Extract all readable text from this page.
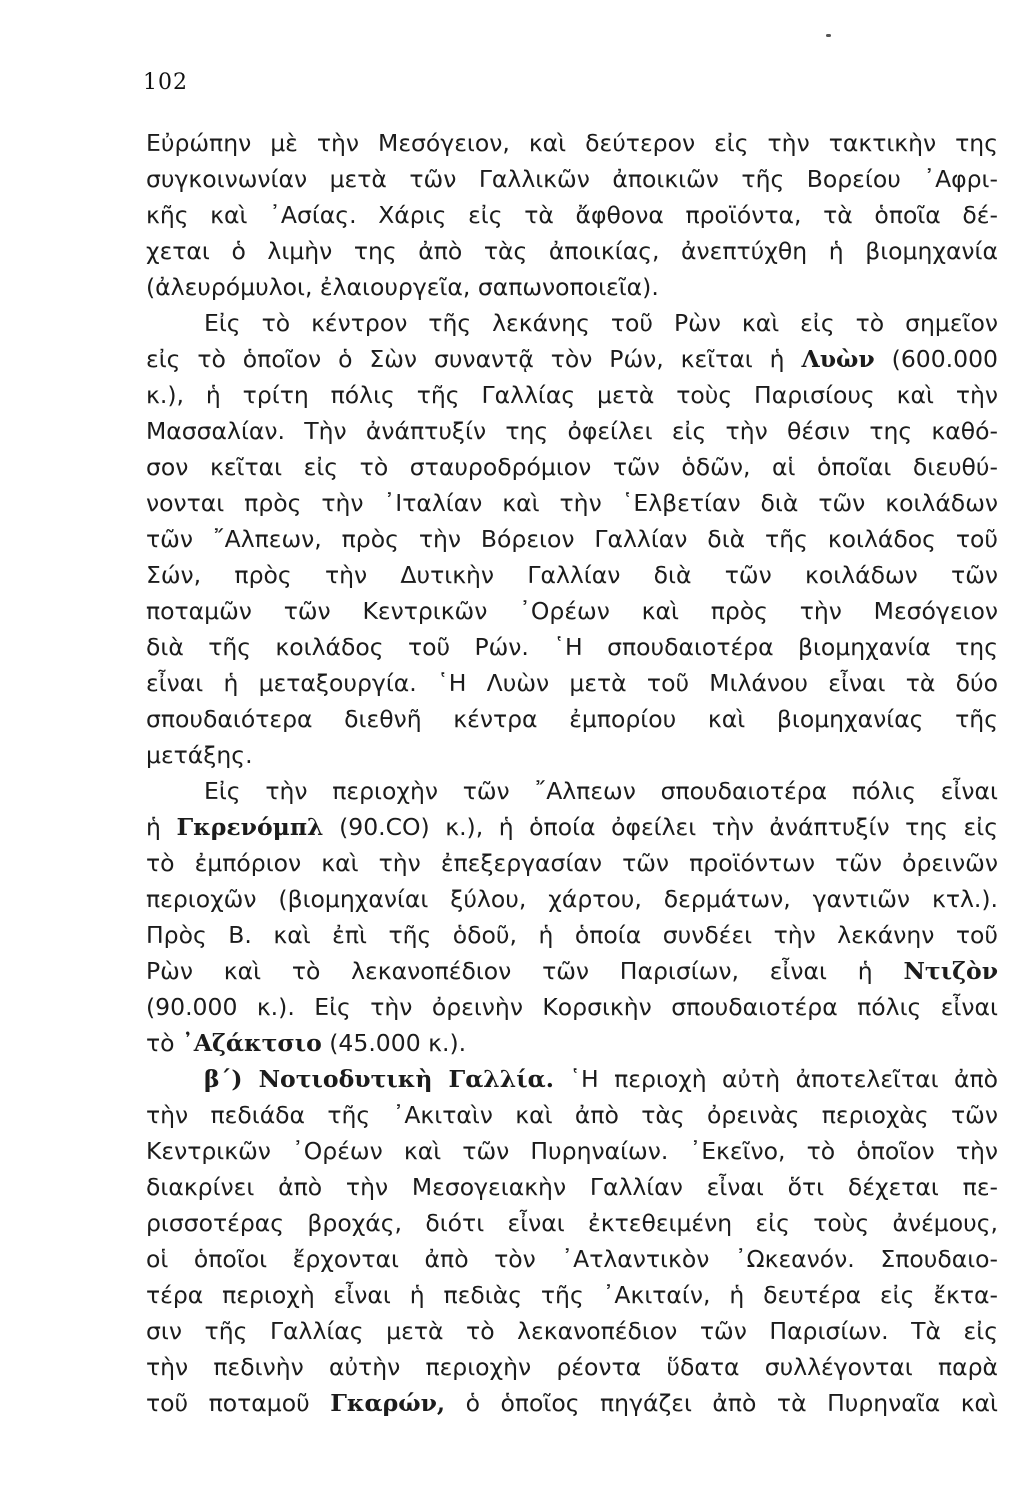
102
Εὐρώπην μὲ τὴν Μεσόγειον, καὶ δεύτερον εἰς τὴν τακτικὴν της
συγκοινωνίαν μετὰ τῶν Γαλλικῶν ἀποικιῶν τῆς Βορείου ᾿Αφρι-
κῆς καὶ ᾿Ασίας. Χάρις εἰς τὰ ἄφθονα προϊόντα, τὰ ὁποῖα δέ-
χεται ὁ λιμὴν της ἀπὸ τὰς ἀποικίας, ἀνεπτύχθη ἡ βιομηχανία
(ἀλευρόμυλοι, ἐλαιουργεῖα, σαπωνοποιεῖα).
Εἰς τὸ κέντρον τῆς λεκάνης τοῦ Ρὼν καὶ εἰς τὸ σημεῖον
εἰς τὸ ὁποῖον ὁ Σὼν συναντᾷ τὸν Ρών, κεῖται ἡ Λυὼν (600.000
κ.), ἡ τρίτη πόλις τῆς Γαλλίας μετὰ τοὺς Παρισίους καὶ τὴν
Μασσαλίαν. Τὴν ἀνάπτυξίν της ὀφείλει εἰς τὴν θέσιν της καθό-
σον κεῖται εἰς τὸ σταυροδρόμιον τῶν ὁδῶν, αἱ ὁποῖαι διευθύ-
νονται πρὸς τὴν ᾿Ιταλίαν καὶ τὴν ῾Ελβετίαν διὰ τῶν κοιλάδων
τῶν ῎Αλπεων, πρὸς τὴν Βόρειον Γαλλίαν διὰ τῆς κοιλάδος τοῦ
Σών, πρὸς τὴν Δυτικὴν Γαλλίαν διὰ τῶν κοιλάδων τῶν
ποταμῶν τῶν Κεντρικῶν ᾿Ορέων καὶ πρὸς τὴν Μεσόγειον
διὰ τῆς κοιλάδος τοῦ Ρών. ῾Η σπουδαιοτέρα βιομηχανία της
εἶναι ἡ μεταξουργία. ῾Η Λυὼν μετὰ τοῦ Μιλάνου εἶναι τὰ δύο
σπουδαιότερα διεθνῆ κέντρα ἐμπορίου καὶ βιομηχανίας τῆς
μετάξης.
Εἰς τὴν περιοχὴν τῶν ῎Αλπεων σπουδαιοτέρα πόλις εἶναι
ἡ Γκρενόμπλ (90.CO) κ.), ἡ ὁποία ὀφείλει τὴν ἀνάπτυξίν της εἰς
τὸ ἐμπόριον καὶ τὴν ἐπεξεργασίαν τῶν προϊόντων τῶν ὀρεινῶν
περιοχῶν (βιομηχανίαι ξύλου, χάρτου, δερμάτων, γαντιῶν κτλ.).
Πρὸς Β. καὶ ἐπὶ τῆς ὁδοῦ, ἡ ὁποία συνδέει τὴν λεκάνην τοῦ
Ρὼν καὶ τὸ λεκανοπέδιον τῶν Παρισίων, εἶναι ἡ Ντιζὸν
(90.000 κ.). Εἰς τὴν ὀρεινὴν Κορσικὴν σπουδαιοτέρα πόλις εἶναι
τὸ ᾿Αζάκτσιο (45.000 κ.).
β΄) Νοτιοδυτικὴ Γαλλία. ῾Η περιοχὴ αὐτὴ ἀποτελεῖται ἀπὸ
τὴν πεδιάδα τῆς ᾿Ακιταὶν καὶ ἀπὸ τὰς ὀρεινὰς περιοχὰς τῶν
Κεντρικῶν ᾿Ορέων καὶ τῶν Πυρηναίων. ᾿Εκεῖνο, τὸ ὁποῖον τὴν
διακρίνει ἀπὸ τὴν Μεσογειακὴν Γαλλίαν εἶναι ὅτι δέχεται πε-
ρισσοτέρας βροχάς, διότι εἶναι ἐκτεθειμένη εἰς τοὺς ἀνέμους,
οἱ ὁποῖοι ἔρχονται ἀπὸ τὸν ᾿Ατλαντικὸν ᾿Ωκεανόν. Σπουδαιο-
τέρα περιοχὴ εἶναι ἡ πεδιὰς τῆς ᾿Ακιταίν, ἡ δευτέρα εἰς ἔκτα-
σιν τῆς Γαλλίας μετὰ τὸ λεκανοπέδιον τῶν Παρισίων. Τὰ εἰς
τὴν πεδινὴν αὐτὴν περιοχὴν ρέοντα ὕδατα συλλέγονται παρὰ
τοῦ ποταμοῦ Γκαρών, ὁ ὁποῖος πηγάζει ἀπὸ τὰ Πυρηναῖα καὶ
